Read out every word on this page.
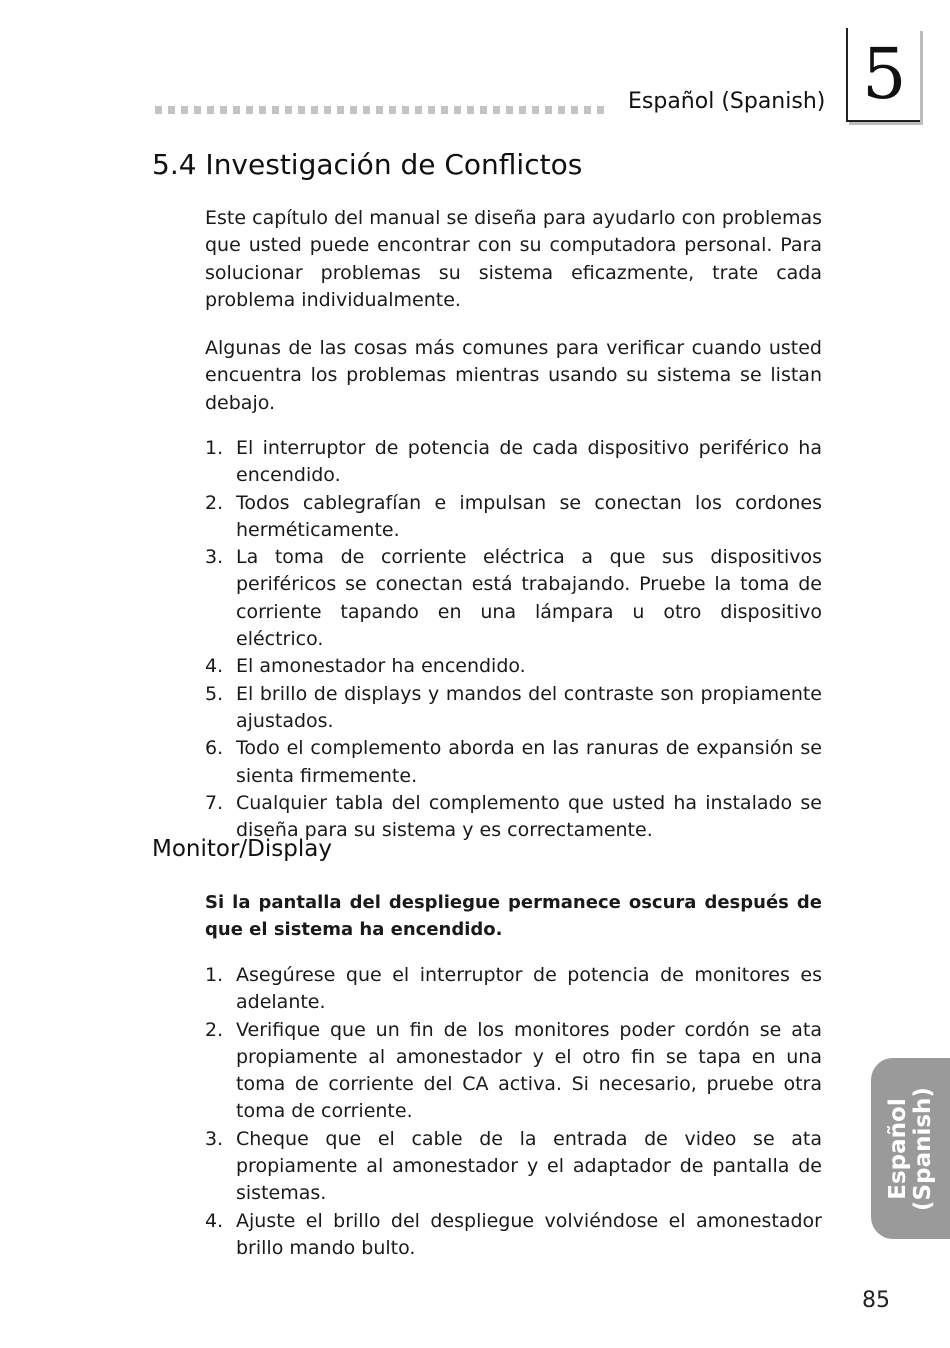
Español (Spanish) 5
5.4 Investigación de Conflictos

Este capítulo del manual se diseña para ayudarlo con problemas que usted puede encontrar con su computadora personal. Para solucionar problemas su sistema eficazmente, trate cada problema individualmente.

Algunas de las cosas más comunes para verificar cuando usted encuentra los problemas mientras usando su sistema se listan debajo.

1. El interruptor de potencia de cada dispositivo periférico ha encendido.
2. Todos cablegrafían e impulsan se conectan los cordones herméticamente.
3. La toma de corriente eléctrica a que sus dispositivos periféricos se conectan está trabajando. Pruebe la toma de corriente tapando en una lámpara u otro dispositivo eléctrico.
4. El amonestador ha encendido.
5. El brillo de displays y mandos del contraste son propiamente ajustados.
6. Todo el complemento aborda en las ranuras de expansión se sienta firmemente.
7. Cualquier tabla del complemento que usted ha instalado se diseña para su sistema y es correctamente.
Monitor/Display

Si la pantalla del despliegue permanece oscura después de que el sistema ha encendido.

1. Asegúrese que el interruptor de potencia de monitores es adelante.
2. Verifique que un fin de los monitores poder cordón se ata propiamente al amonestador y el otro fin se tapa en una toma de corriente del CA activa. Si necesario, pruebe otra toma de corriente.
3. Cheque que el cable de la entrada de video se ata propiamente al amonestador y el adaptador de pantalla de sistemas.
4. Ajuste el brillo del despliegue volviéndose el amonestador brillo mando bulto.
Español (Spanish)
85
